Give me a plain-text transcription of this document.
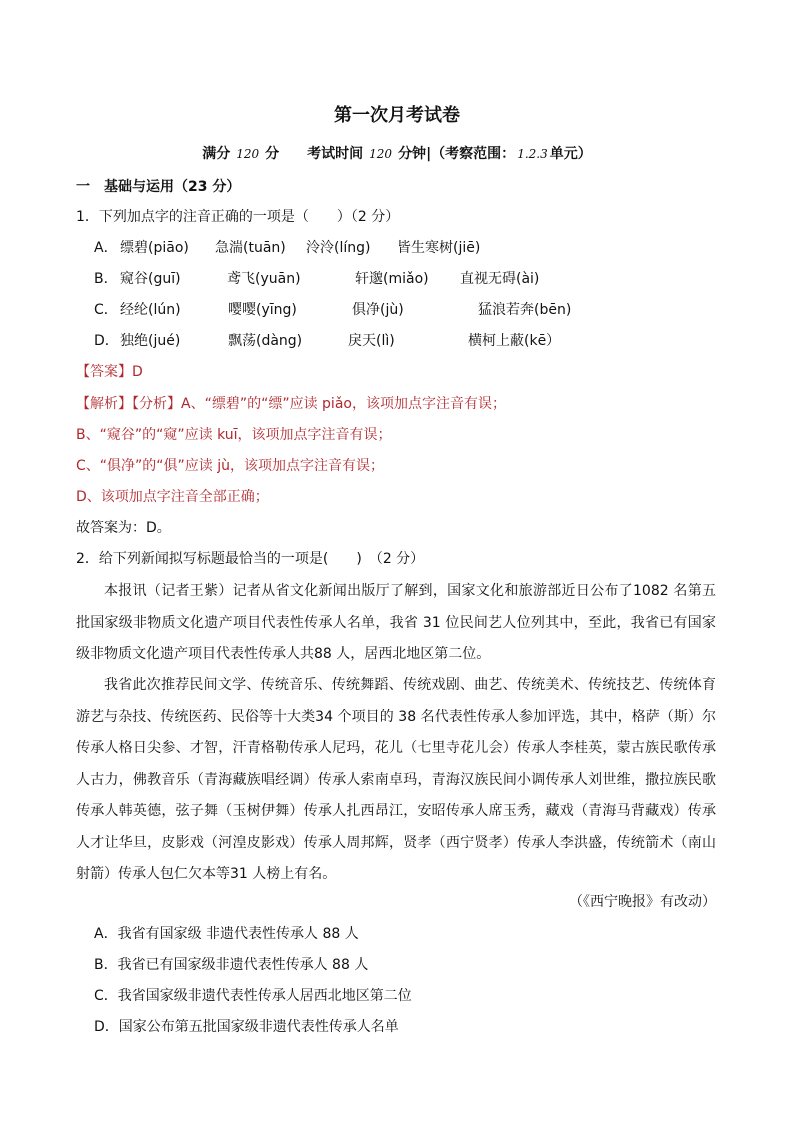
第一次月考试卷
满分 120 分 考试时间 120 分钟|（考察范围： 1.2.3 单元）
一　基础与运用（23 分）
1．下列加点字的注音正确的一项是（　　）（2 分）
A． 缥碧(piāo) 急湍(tuān) 泠泠(líng) 皆生寒树(jiē)
B． 窥谷(guī)	鸢飞(yuān)	轩邈(miǎo) 直视无碍(ài)
C． 经纶(lún)	嘤嘤(yīng)	俱净(jù)	猛浪若奔(bēn)
D． 独绝(jué)	飘荡(dàng)	戾天(lì)	横柯上蔽(kē）
【答案】D
【解析】【分析】A、“缥碧”的“缥”应读 piǎo，该项加点字注音有误；
B、“窥谷”的“窥”应读 kuī，该项加点字注音有误；
C、“俱净”的“俱”应读 jù，该项加点字注音有误；
D、该项加点字注音全部正确；
故答案为：D。
2．给下列新闻拟写标题最恰当的一项是(　　)　（2 分）
本报讯（记者王紫）记者从省文化新闻出版厅了解到，国家文化和旅游部近日公布了1082 名第五批国家级非物质文化遗产项目代表性传承人名单，我省 31 位民间艺人位列其中，至此，我省已有国家级非物质文化遗产项目代表性传承人共88 人，居西北地区第二位。
我省此次推荐民间文学、传统音乐、传统舞蹈、传统戏剧、曲艺、传统美术、传统技艺、传统体育游艺与杂技、传统医药、民俗等十大类34 个项目的 38 名代表性传承人参加评选，其中，格萨（斯）尔传承人格日尖参、才智，汗青格勒传承人尼玛，花儿（七里寺花儿会）传承人李桂英，蒙古族民歌传承人古力，佛教音乐（青海藏族唱经调）传承人索南卓玛，青海汉族民间小调传承人刘世维，撒拉族民歌传承人韩英德，弦子舞（玉树伊舞）传承人扎西昂江，安昭传承人席玉秀，藏戏（青海马背藏戏）传承人才让华旦，皮影戏（河湟皮影戏）传承人周邦辉，贤孝（西宁贤孝）传承人李洪盛，传统箭术（南山射箭）传承人包仁欠本等31 人榜上有名。
（《西宁晚报》有改动）
A．我省有国家级 非遗代表性传承人 88 人
B．我省已有国家级非遗代表性传承人 88 人
C．我省国家级非遗代表性传承人居西北地区第二位
D．国家公布第五批国家级非遗代表性传承人名单
